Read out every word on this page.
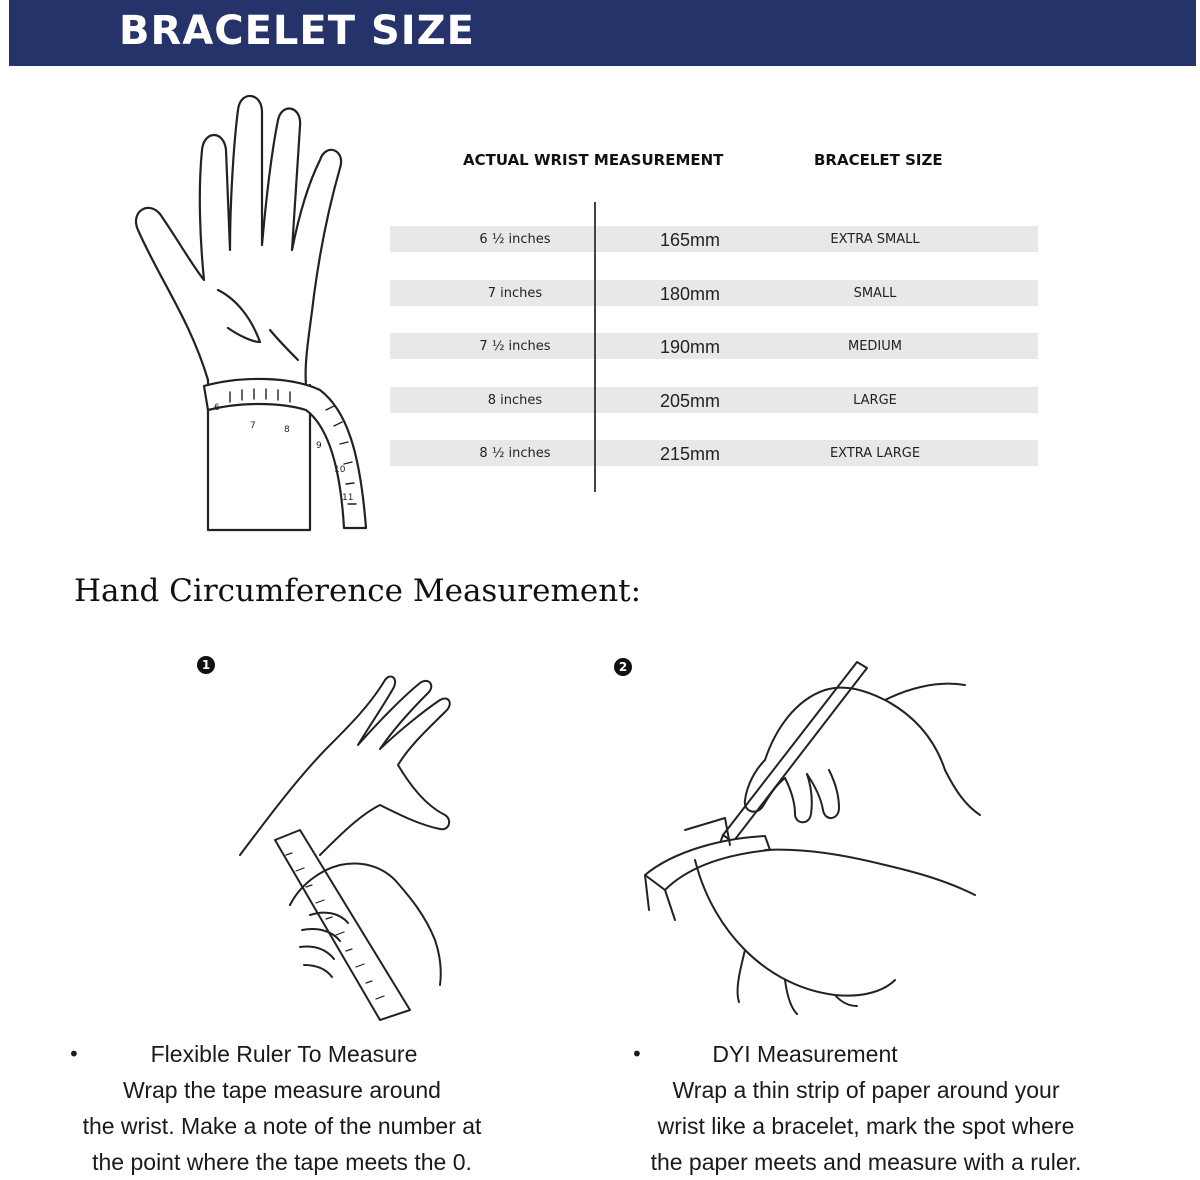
BRACELET SIZE
6
7	8
9
10
11
ACTUAL WRIST MEASUREMENT	BRACELET SIZE
6 ½ inches	165mm	EXTRA SMALL
7 inches	180mm	SMALL
7 ½ inches	190mm	MEDIUM
8 inches	205mm	LARGE
8 ½ inches	215mm	EXTRA LARGE
Hand Circumference Measurement:
1	2
•	Flexible Ruler To Measure
Wrap the tape measure around
the wrist. Make a note of the number at
the point where the tape meets the 0.
•	DYI Measurement
Wrap a thin strip of paper around your
wrist like a bracelet, mark the spot where
the paper meets and measure with a ruler.
